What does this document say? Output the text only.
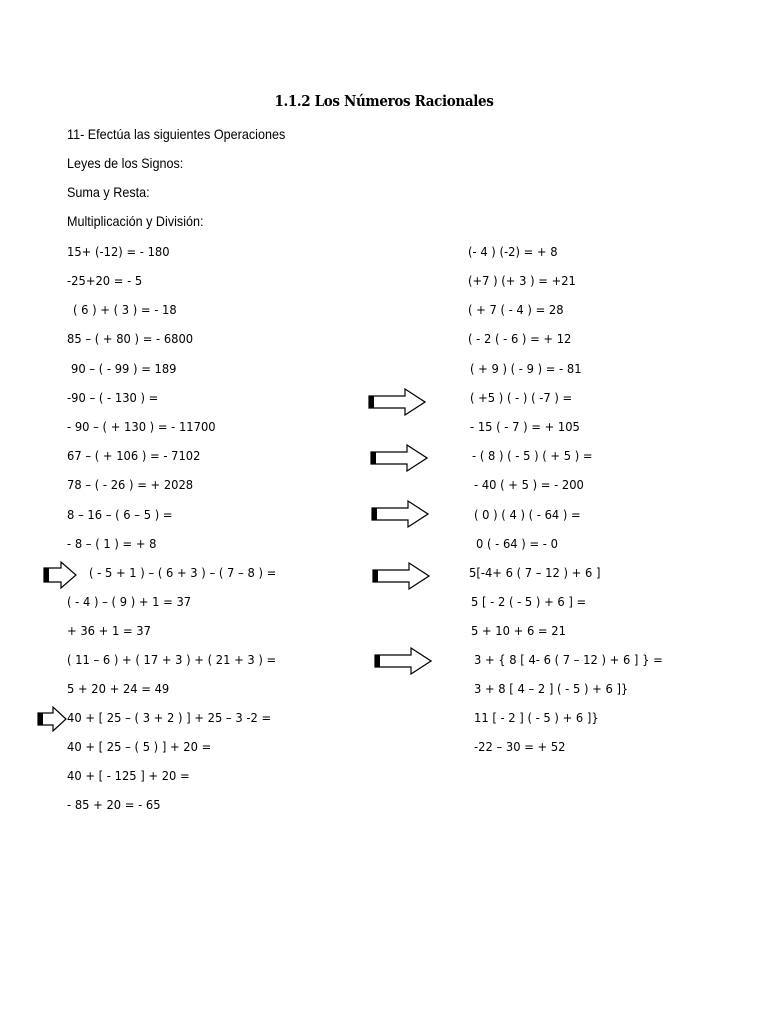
1.1.2 Los Números Racionales
11- Efectúa las siguientes Operaciones
Leyes de los Signos:
Suma y Resta:
Multiplicación y División:
15+ (-12) = - 180
-25+20 = - 5
( 6 ) + ( 3 ) = - 18
85 – ( + 80 ) = - 6800
90 – ( - 99 ) = 189
-90 – ( - 130 ) =
- 90 – ( + 130 ) = - 11700
67 – ( + 106 ) = - 7102
78 – ( - 26 ) = + 2028
8 – 16 – ( 6 – 5 ) =
- 8 – ( 1 ) = + 8
( - 5 + 1 ) – ( 6 + 3 ) – ( 7 – 8 ) =
( - 4 ) – ( 9 ) + 1 = 37
+ 36 + 1 = 37
( 11 – 6 ) + ( 17 + 3 ) + ( 21 + 3 ) =
5 + 20 + 24 = 49
40 + [ 25 – ( 3 + 2 ) ] + 25 – 3 -2 =
40 + [ 25 – ( 5 ) ] + 20 =
40 + [ - 125 ] + 20 =
- 85 + 20 = - 65
(- 4 ) (-2) = + 8
(+7 ) (+ 3 ) = +21
( + 7 ( - 4 ) = 28
( - 2 ( - 6 ) = + 12
( + 9 ) ( - 9 ) = - 81
( +5 ) ( - ) ( -7 ) =
- 15 ( - 7 ) = + 105
- ( 8 ) ( - 5 ) ( + 5 ) =
- 40 ( + 5 ) = - 200
( 0 ) ( 4 ) ( - 64 ) =
0 ( - 64 ) = - 0
5[-4+ 6 ( 7 – 12 ) + 6 ]
5 [ - 2 ( - 5 ) + 6 ] =
5 + 10 + 6 = 21
3 + { 8 [ 4- 6 ( 7 – 12 ) + 6 ] } =
3 + 8 [ 4 – 2 ] ( - 5 ) + 6 ]}
11 [ - 2 ] ( - 5 ) + 6 ]}
-22 – 30 = + 52
